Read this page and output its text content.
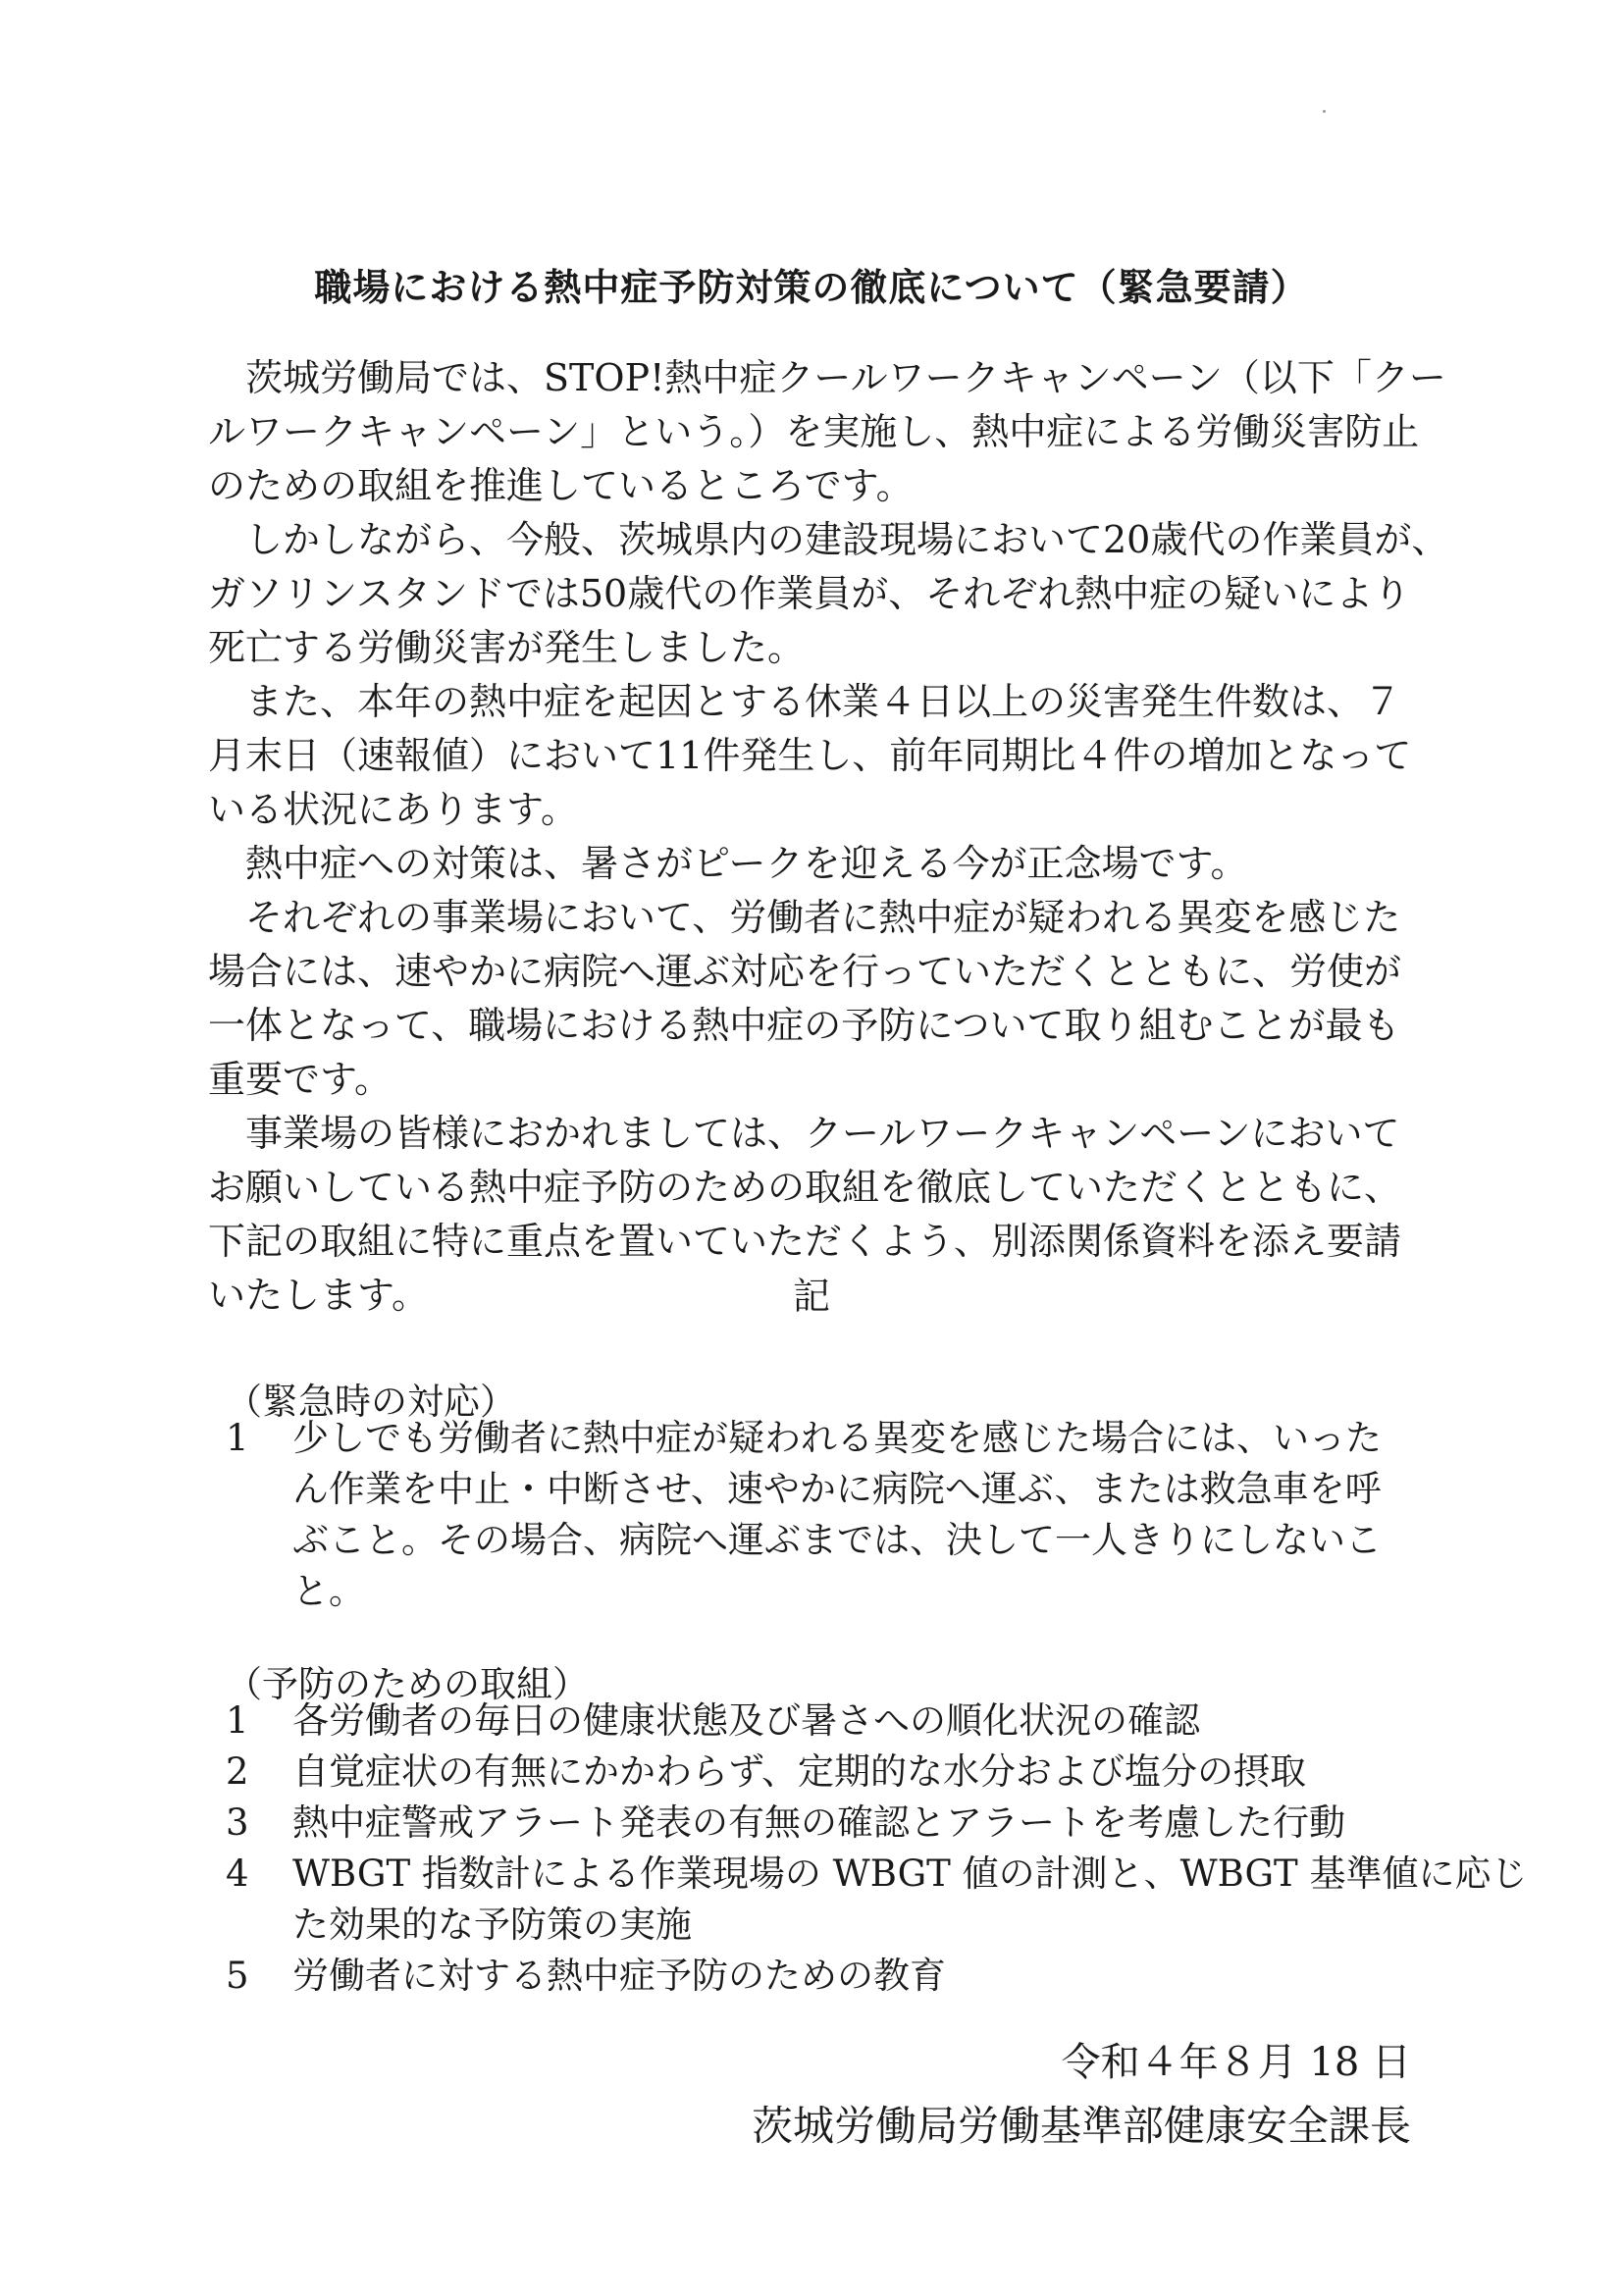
職場における熱中症予防対策の徹底について（緊急要請）
　茨城労働局では、STOP!熱中症クールワークキャンペーン（以下「クー
ルワークキャンペーン」という。）を実施し、熱中症による労働災害防止
のための取組を推進しているところです。
　しかしながら、今般、茨城県内の建設現場において20歳代の作業員が、
ガソリンスタンドでは50歳代の作業員が、それぞれ熱中症の疑いにより
死亡する労働災害が発生しました。
　また、本年の熱中症を起因とする休業４日以上の災害発生件数は、７
月末日（速報値）において11件発生し、前年同期比４件の増加となって
いる状況にあります。
　熱中症への対策は、暑さがピークを迎える今が正念場です。
　それぞれの事業場において、労働者に熱中症が疑われる異変を感じた
場合には、速やかに病院へ運ぶ対応を行っていただくとともに、労使が
一体となって、職場における熱中症の予防について取り組むことが最も
重要です。
　事業場の皆様におかれましては、クールワークキャンペーンにおいて
お願いしている熱中症予防のための取組を徹底していただくとともに、
下記の取組に特に重点を置いていただくよう、別添関係資料を添え要請
いたします。	記
（緊急時の対応）
1 少しでも労働者に熱中症が疑われる異変を感じた場合には、いった
ん作業を中止・中断させ、速やかに病院へ運ぶ、または救急車を呼
ぶこと。その場合、病院へ運ぶまでは、決して一人きりにしないこ
と。
（予防のための取組）
1 各労働者の毎日の健康状態及び暑さへの順化状況の確認
2 自覚症状の有無にかかわらず、定期的な水分および塩分の摂取
3 熱中症警戒アラート発表の有無の確認とアラートを考慮した行動
4 WBGT 指数計による作業現場の WBGT 値の計測と、WBGT 基準値に応じ
た効果的な予防策の実施
5 労働者に対する熱中症予防のための教育
令和４年８月 18 日
茨城労働局労働基準部健康安全課長
